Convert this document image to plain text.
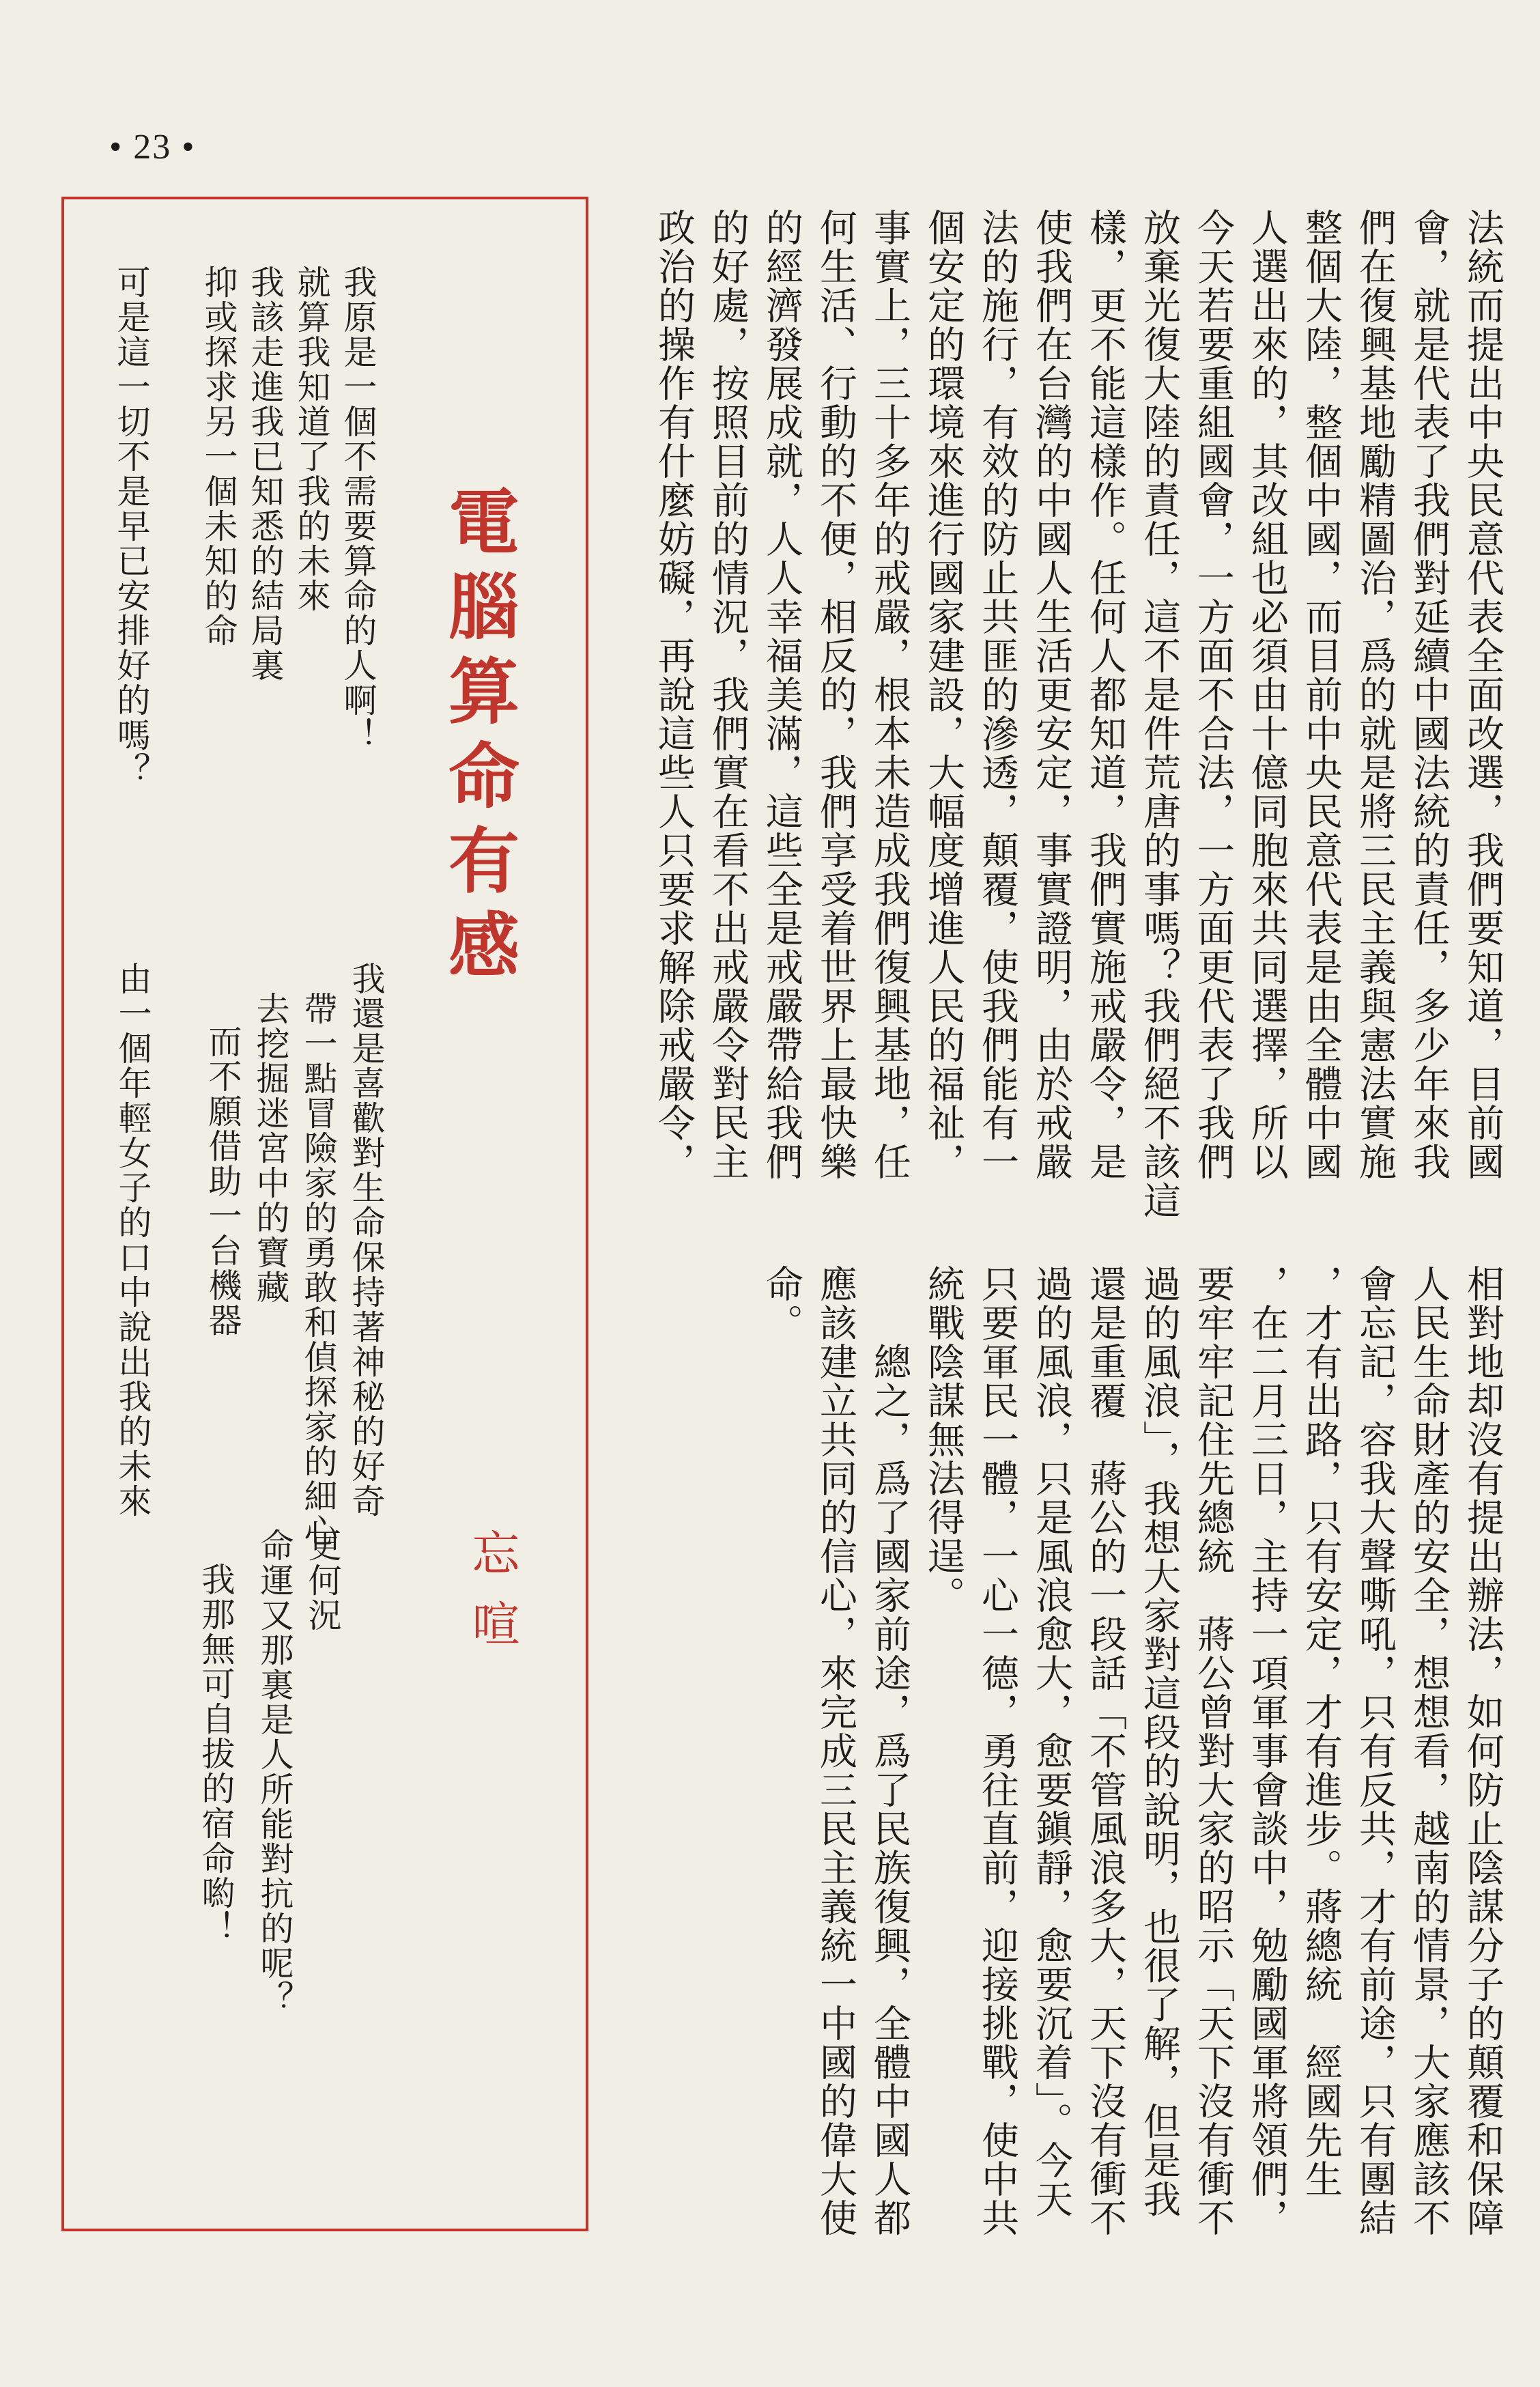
• 23 •
法統而提出中央民意代表全面改選，我們要知道，目前國
會，就是代表了我們對延續中國法統的責任，多少年來我
們在復興基地勵精圖治，爲的就是將三民主義與憲法實施
整個大陸，整個中國，而目前中央民意代表是由全體中國
人選出來的，其改組也必須由十億同胞來共同選擇，所以
今天若要重組國會，一方面不合法，一方面更代表了我們
放棄光復大陸的責任，這不是件荒唐的事嗎？我們絕不該這
樣，更不能這樣作。任何人都知道，我們實施戒嚴令，是
使我們在台灣的中國人生活更安定，事實證明，由於戒嚴
法的施行，有效的防止共匪的滲透，顛覆，使我們能有一
個安定的環境來進行國家建設，大幅度增進人民的福祉，
事實上，三十多年的戒嚴，根本未造成我們復興基地，任
何生活、行動的不便，相反的，我們享受着世界上最快樂
的經濟發展成就，人人幸福美滿，這些全是戒嚴帶給我們
的好處，按照目前的情況，我們實在看不出戒嚴令對民主
政治的操作有什麼妨礙，再說這些人只要求解除戒嚴令，
相對地却沒有提出辦法，如何防止陰謀分子的顛覆和保障
人民生命財產的安全，想想看，越南的情景，大家應該不
會忘記，容我大聲嘶吼，只有反共，才有前途，只有團結
，才有出路，只有安定，才有進步。蔣總統　經國先生
，在二月三日，主持一項軍事會談中，勉勵國軍將領們，
要牢牢記住先總統　蔣公曾對大家的昭示「天下沒有衝不
過的風浪」，我想大家對這段的說明，也很了解，但是我
還是重覆　蔣公的一段話「不管風浪多大，天下沒有衝不
過的風浪，只是風浪愈大，愈要鎭靜，愈要沉着」。今天
只要軍民一體，一心一德，勇往直前，迎接挑戰，使中共
統戰陰謀無法得逞。
　　總之，爲了國家前途，爲了民族復興，全體中國人都
應該建立共同的信心，來完成三民主義統一中國的偉大使
命。
電腦算命有感
忘喧
我還是喜歡對生命保持著神秘的好奇
帶一點冒險家的勇敢和偵探家的細心
去挖掘迷宮中的寶藏
而不願借助一台機器
由一個年輕女子的口中說出我的未來
我原是一個不需要算命的人啊！
就算我知道了我的未來
我該走進我已知悉的結局裏
抑或探求另一個未知的命
可是這一切不是早已安排好的嗎？
更何況
命運又那裏是人所能對抗的呢？
我那無可自拔的宿命喲！
